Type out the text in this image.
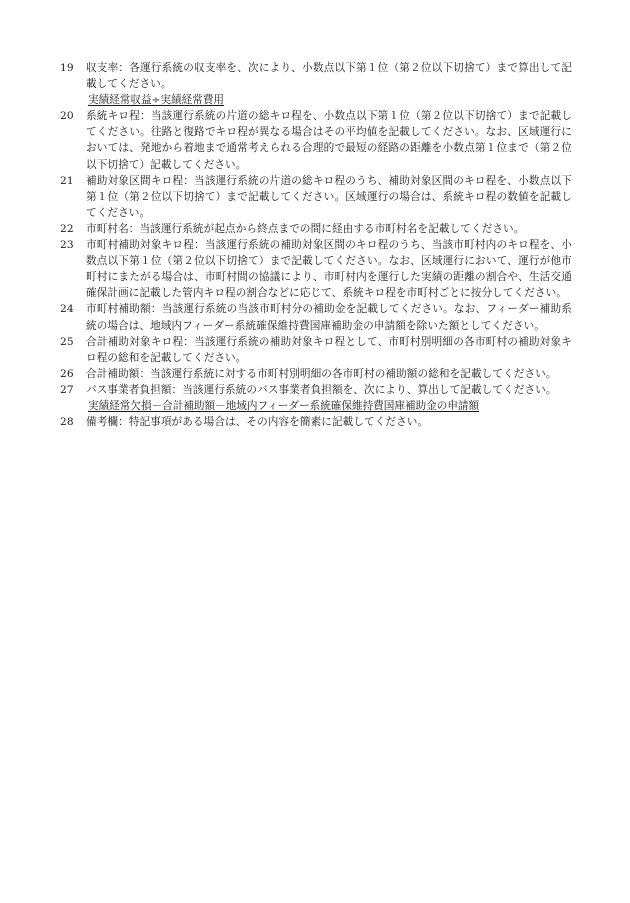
19	収支率：各運行系統の収支率を、次により、小数点以下第１位（第２位以下切捨て）まで算出して記載してください。
実績経常収益÷実績経常費用
20	系統キロ程：当該運行系統の片道の総キロ程を、小数点以下第１位（第２位以下切捨て）まで記載してください。往路と復路でキロ程が異なる場合はその平均値を記載してください。なお、区域運行においては、発地から着地まで通常考えられる合理的で最短の経路の距離を小数点第１位まで（第２位以下切捨て）記載してください。
21	補助対象区間キロ程：当該運行系統の片道の総キロ程のうち、補助対象区間のキロ程を、小数点以下第１位（第２位以下切捨て）まで記載してください。区域運行の場合は、系統キロ程の数値を記載してください。
22	市町村名：当該運行系統が起点から終点までの間に経由する市町村名を記載してください。
23	市町村補助対象キロ程：当該運行系統の補助対象区間のキロ程のうち、当該市町村内のキロ程を、小数点以下第１位（第２位以下切捨て）まで記載してください。なお、区域運行において、運行が他市町村にまたがる場合は、市町村間の協議により、市町村内を運行した実績の距離の割合や、生活交通確保計画に記載した管内キロ程の割合などに応じて、系統キロ程を市町村ごとに按分してください。
24	市町村補助額：当該運行系統の当該市町村分の補助金を記載してください。なお、フィーダー補助系統の場合は、地域内フィーダー系統確保維持費国庫補助金の申請額を除いた額としてください。
25	合計補助対象キロ程：当該運行系統の補助対象キロ程として、市町村別明細の各市町村の補助対象キロ程の総和を記載してください。
26	合計補助額：当該運行系統に対する市町村別明細の各市町村の補助額の総和を記載してください。
27	バス事業者負担額：当該運行系統のバス事業者負担額を、次により、算出して記載してください。
実績経常欠損－合計補助額－地域内フィーダー系統確保維持費国庫補助金の申請額
28	備考欄：特記事項がある場合は、その内容を簡素に記載してください。
